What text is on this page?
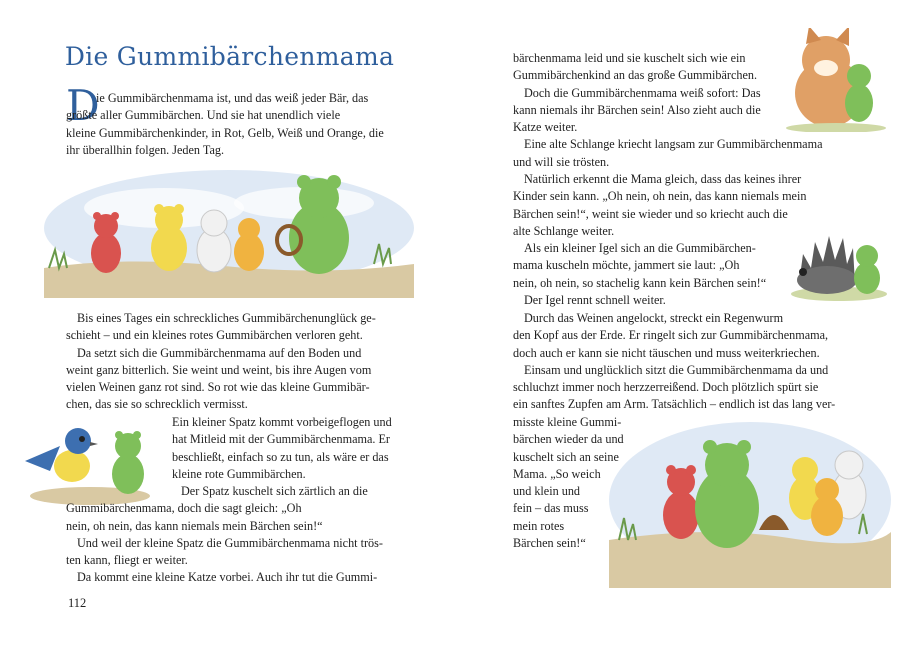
Die Gummibärchenmama
D
ie Gummibärchenmama ist, und das weiß jeder Bär, das
größte aller Gummibärchen. Und sie hat unendlich viele
kleine Gummibärchenkinder, in Rot, Gelb, Weiß und Orange, die
ihr überallhin folgen. Jeden Tag.
Bis eines Tages ein schreckliches Gummibärchenunglück ge-
schieht – und ein kleines rotes Gummibärchen verloren geht.
Da setzt sich die Gummibärchenmama auf den Boden und
weint ganz bitterlich. Sie weint und weint, bis ihre Augen vom
vielen Weinen ganz rot sind. So rot wie das kleine Gummibär-
chen, das sie so schrecklich vermisst.
Ein kleiner Spatz kommt vorbeigeflogen und
hat Mitleid mit der Gummibärchenmama. Er
beschließt, einfach so zu tun, als wäre er das
kleine rote Gummibärchen.
Der Spatz kuschelt sich zärtlich an die
Gummibärchenmama, doch die sagt gleich: „Oh
nein, oh nein, das kann niemals mein Bärchen sein!“
Und weil der kleine Spatz die Gummibärchenmama nicht trös-
ten kann, fliegt er weiter.
Da kommt eine kleine Katze vorbei. Auch ihr tut die Gummi-
112
bärchenmama leid und sie kuschelt sich wie ein
Gummibärchenkind an das große Gummibärchen.
Doch die Gummibärchenmama weiß sofort: Das
kann niemals ihr Bärchen sein! Also zieht auch die
Katze weiter.
Eine alte Schlange kriecht langsam zur Gummibärchenmama
und will sie trösten.
Natürlich erkennt die Mama gleich, dass das keines ihrer
Kinder sein kann. „Oh nein, oh nein, das kann niemals mein
Bärchen sein!“, weint sie wieder und so kriecht auch die
alte Schlange weiter.
Als ein kleiner Igel sich an die Gummibärchen-
mama kuscheln möchte, jammert sie laut: „Oh
nein, oh nein, so stachelig kann kein Bärchen sein!“
Der Igel rennt schnell weiter.
Durch das Weinen angelockt, streckt ein Regenwurm
den Kopf aus der Erde. Er ringelt sich zur Gummibärchenmama,
doch auch er kann sie nicht täuschen und muss weiterkriechen.
Einsam und unglücklich sitzt die Gummibärchenmama da und
schluchzt immer noch herzzerreißend. Doch plötzlich spürt sie
ein sanftes Zupfen am Arm. Tatsächlich – endlich ist das lang ver-
misste kleine Gummi-
bärchen wieder da und
kuschelt sich an seine
Mama. „So weich
und klein und
fein – das muss
mein rotes
Bärchen sein!“
